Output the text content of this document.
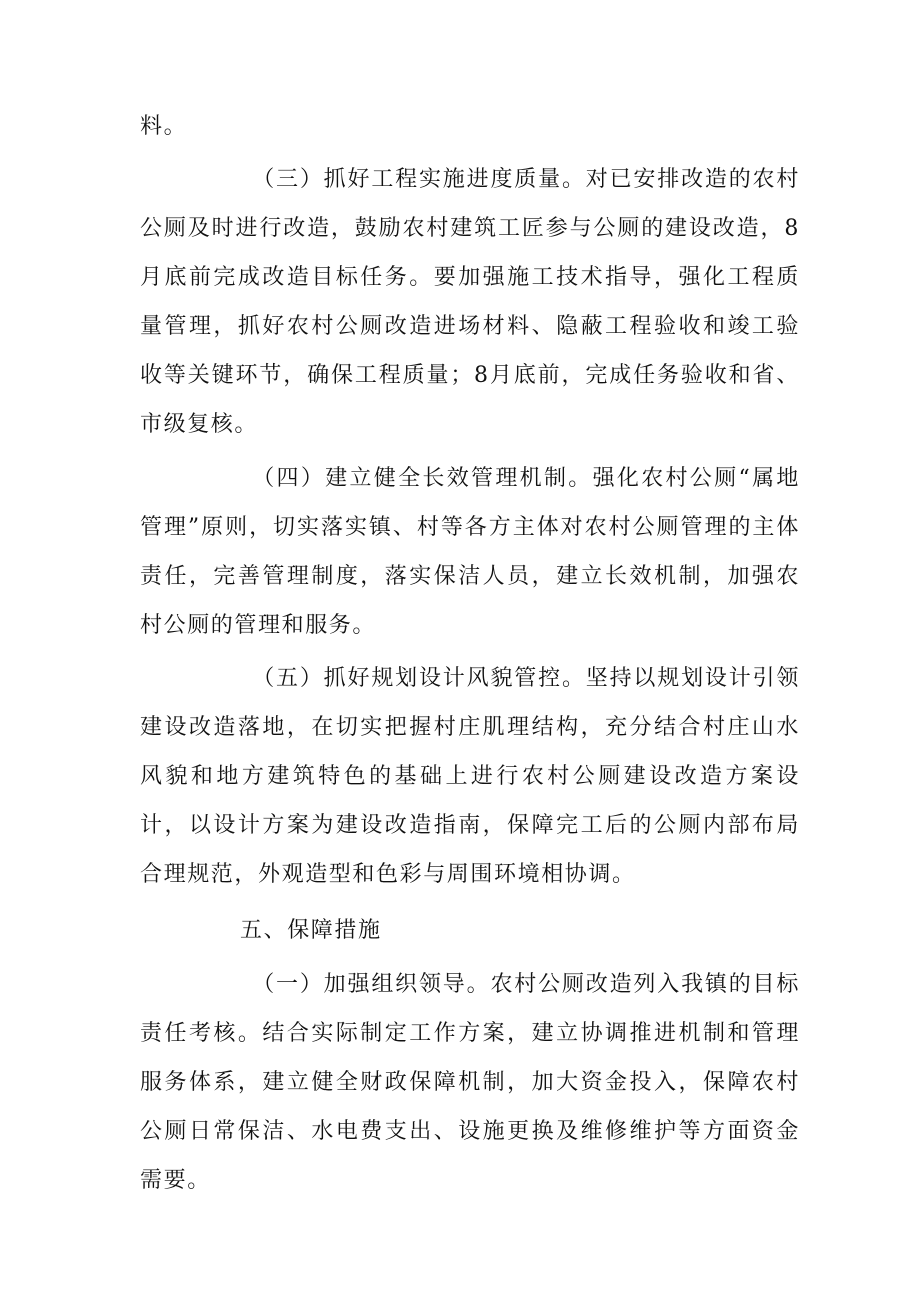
料。

（三）抓好工程实施进度质量。对已安排改造的农村公厕及时进行改造，鼓励农村建筑工匠参与公厕的建设改造，8月底前完成改造目标任务。要加强施工技术指导，强化工程质量管理，抓好农村公厕改造进场材料、隐蔽工程验收和竣工验收等关键环节，确保工程质量；8月底前，完成任务验收和省、市级复核。

（四）建立健全长效管理机制。强化农村公厕“属地管理”原则，切实落实镇、村等各方主体对农村公厕管理的主体责任，完善管理制度，落实保洁人员，建立长效机制，加强农村公厕的管理和服务。

（五）抓好规划设计风貌管控。坚持以规划设计引领建设改造落地，在切实把握村庄肌理结构，充分结合村庄山水风貌和地方建筑特色的基础上进行农村公厕建设改造方案设计，以设计方案为建设改造指南，保障完工后的公厕内部布局合理规范，外观造型和色彩与周围环境相协调。

五、保障措施

（一）加强组织领导。农村公厕改造列入我镇的目标责任考核。结合实际制定工作方案，建立协调推进机制和管理服务体系，建立健全财政保障机制，加大资金投入，保障农村公厕日常保洁、水电费支出、设施更换及维修维护等方面资金需要。
